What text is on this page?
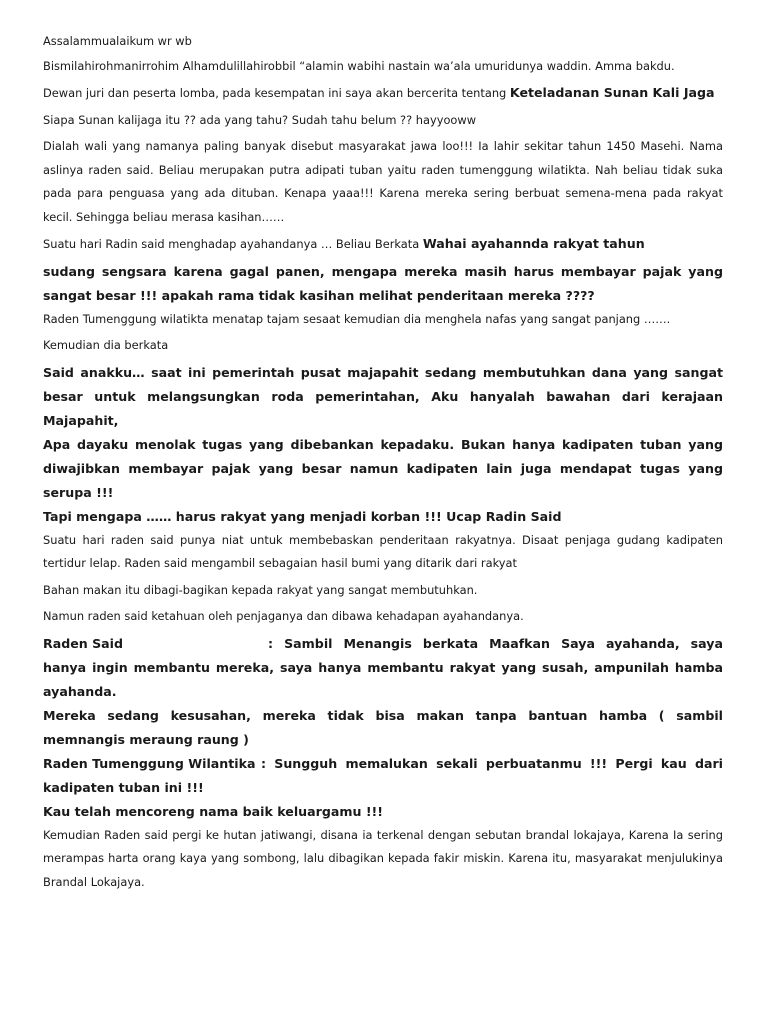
Assalammualaikum wr wb

Bismilahirohmanirrohim Alhamdulillahirobbil “alamin wabihi nastain wa’ala umuridunya waddin. Amma bakdu.

Dewan juri dan peserta lomba, pada kesempatan ini saya akan bercerita tentang Keteladanan Sunan Kali Jaga

Siapa Sunan kalijaga itu ?? ada yang tahu? Sudah tahu belum ?? hayyooww

Dialah wali yang namanya paling banyak disebut masyarakat jawa loo!!! Ia lahir sekitar tahun 1450 Masehi. Nama aslinya raden said. Beliau merupakan putra adipati tuban yaitu raden tumenggung wilatikta. Nah beliau tidak suka pada para penguasa yang ada dituban. Kenapa yaaa!!! Karena mereka sering berbuat semena-mena pada rakyat kecil. Sehingga beliau merasa kasihan……

Suatu hari Radin said menghadap ayahandanya … Beliau Berkata Wahai ayahannda rakyat tahun

sudang sengsara karena gagal panen, mengapa mereka masih harus membayar pajak yang sangat besar !!! apakah rama tidak kasihan melihat penderitaan mereka ????

Raden Tumenggung wilatikta menatap tajam sesaat kemudian dia menghela nafas yang sangat panjang …….

Kemudian dia berkata

Said anakku… saat ini pemerintah pusat majapahit sedang membutuhkan dana yang sangat besar untuk melangsungkan roda pemerintahan, Aku hanyalah bawahan dari kerajaan Majapahit,

Apa dayaku menolak tugas yang dibebankan kepadaku. Bukan hanya kadipaten tuban yang diwajibkan membayar pajak yang besar namun kadipaten lain juga mendapat tugas yang serupa !!!

Tapi mengapa …… harus rakyat yang menjadi korban !!! Ucap Radin Said

Suatu hari raden said punya niat untuk membebaskan penderitaan rakyatnya. Disaat penjaga gudang kadipaten tertidur lelap. Raden said mengambil sebagaian hasil bumi yang ditarik dari rakyat

Bahan makan itu dibagi-bagikan kepada rakyat yang sangat membutuhkan.

Namun raden said ketahuan oleh penjaganya dan dibawa kehadapan ayahandanya.

Raden Said	: Sambil Menangis berkata Maafkan Saya ayahanda, saya hanya ingin membantu mereka, saya hanya membantu rakyat yang susah, ampunilah hamba ayahanda.

Mereka sedang kesusahan, mereka tidak bisa makan tanpa bantuan hamba ( sambil memnangis meraung raung )

Raden Tumenggung Wilantika : Sungguh memalukan sekali perbuatanmu !!! Pergi kau dari kadipaten tuban ini !!!

Kau telah mencoreng nama baik keluargamu !!!

Kemudian Raden said pergi ke hutan jatiwangi, disana ia terkenal dengan sebutan brandal lokajaya, Karena Ia sering merampas harta orang kaya yang sombong, lalu dibagikan kepada fakir miskin. Karena itu, masyarakat menjulukinya Brandal Lokajaya.
